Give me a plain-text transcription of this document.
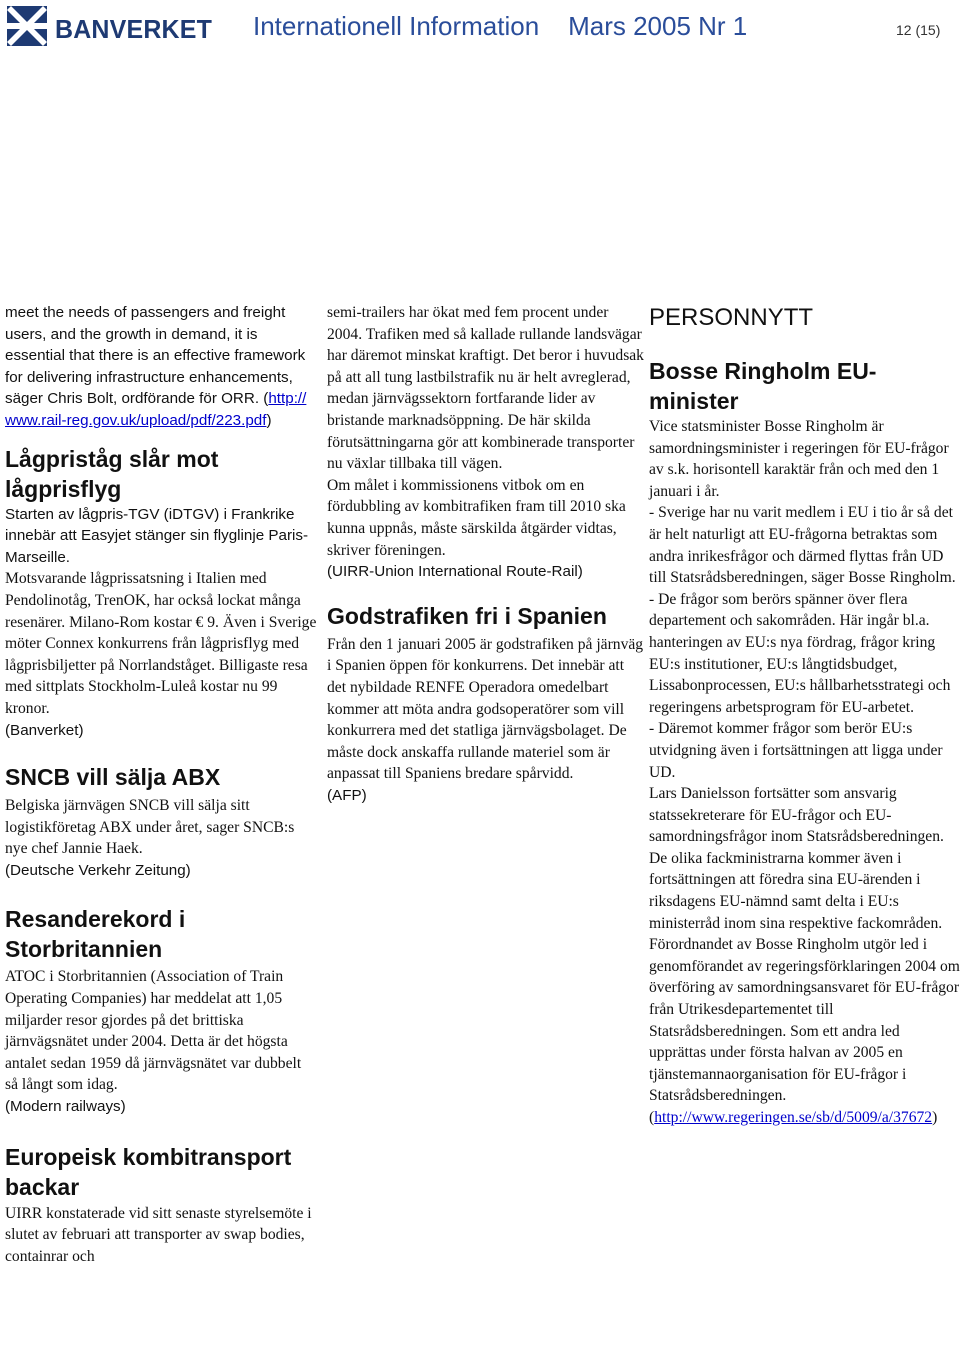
BANVERKET Internationell Information Mars 2005 Nr 1	12 (15)

meet the needs of passengers and freight users, and the growth in demand, it is essential that there is an effective framework for delivering infrastructure enhancements, säger Chris Bolt, ordförande för ORR. (http://www.rail-reg.gov.uk/upload/pdf/223.pdf)

Lågpriståg slår mot lågprisflyg

Starten av lågpris-TGV (iDTGV) i Frankrike innebär att Easyjet stänger sin flyglinje Paris-Marseille.

Motsvarande lågprissatsning i Italien med Pendolinotåg, TrenOK, har också lockat många resenärer. Milano-Rom kostar € 9. Även i Sverige möter Connex konkurrens från lågprisflyg med lågprisbiljetter på Norrlandståget. Billigaste resa med sittplats Stockholm-Luleå kostar nu 99 kronor.

(Banverket)

SNCB vill sälja ABX

Belgiska järnvägen SNCB vill sälja sitt logistikföretag ABX under året, sager SNCB:s nye chef Jannie Haek.

(Deutsche Verkehr Zeitung)

Resanderekord i Storbritannien

ATOC i Storbritannien (Association of Train Operating Companies) har meddelat att 1,05 miljarder resor gjordes på det brittiska järnvägsnätet under 2004. Detta är det högsta antalet sedan 1959 då järnvägsnätet var dubbelt så långt som idag.

(Modern railways)

Europeisk kombitransport backar

UIRR konstaterade vid sitt senaste styrelsemöte i slutet av februari att transporter av swap bodies, containrar och

semi-trailers har ökat med fem procent under 2004. Trafiken med så kallade rullande landsvägar har däremot minskat kraftigt. Det beror i huvudsak på att all tung lastbilstrafik nu är helt avreglerad, medan järnvägssektorn fortfarande lider av bristande marknadsöppning. De här skilda förutsättningarna gör att kombinerade transporter nu växlar tillbaka till vägen.

Om målet i kommissionens vitbok om en fördubbling av kombitrafiken fram till 2010 ska kunna uppnås, måste särskilda åtgärder vidtas, skriver föreningen.

(UIRR-Union International Route-Rail)

Godstrafiken fri i Spanien

Från den 1 januari 2005 är godstrafiken på järnväg i Spanien öppen för konkurrens. Det innebär att det nybildade RENFE Operadora omedelbart kommer att möta andra godsoperatörer som vill konkurrera med det statliga järnvägsbolaget. De måste dock anskaffa rullande materiel som är anpassat till Spaniens bredare spårvidd.

(AFP)

PERSONNYTT
Bosse Ringholm EU-minister

Vice statsminister Bosse Ringholm är samordningsminister i regeringen för EU-frågor av s.k. horisontell karaktär från och med den 1 januari i år.

- Sverige har nu varit medlem i EU i tio år så det är helt naturligt att EU-frågorna betraktas som andra inrikesfrågor och därmed flyttas från UD till Statsrådsberedningen, säger Bosse Ringholm.

- De frågor som berörs spänner över flera departement och sakområden. Här ingår bl.a. hanteringen av EU:s nya fördrag, frågor kring EU:s institutioner, EU:s långtidsbudget, Lissabonprocessen, EU:s hållbarhetsstrategi och regeringens arbetsprogram för EU-arbetet.

- Däremot kommer frågor som berör EU:s utvidgning även i fortsättningen att ligga under UD.

Lars Danielsson fortsätter som ansvarig statssekreterare för EU-frågor och EU-samordningsfrågor inom Statsrådsberedningen. De olika fackministrarna kommer även i fortsättningen att föredra sina EU-ärenden i riksdagens EU-nämnd samt delta i EU:s ministerråd inom sina respektive fackområden.

Förordnandet av Bosse Ringholm utgör led i genomförandet av regeringsförklaringen 2004 om överföring av samordningsansvaret för EU-frågor från Utrikesdepartementet till Statsrådsberedningen. Som ett andra led upprättas under första halvan av 2005 en tjänstemannaorganisation för EU-frågor i Statsrådsberedningen.

(http://www.regeringen.se/sb/d/5009/a/37672)
